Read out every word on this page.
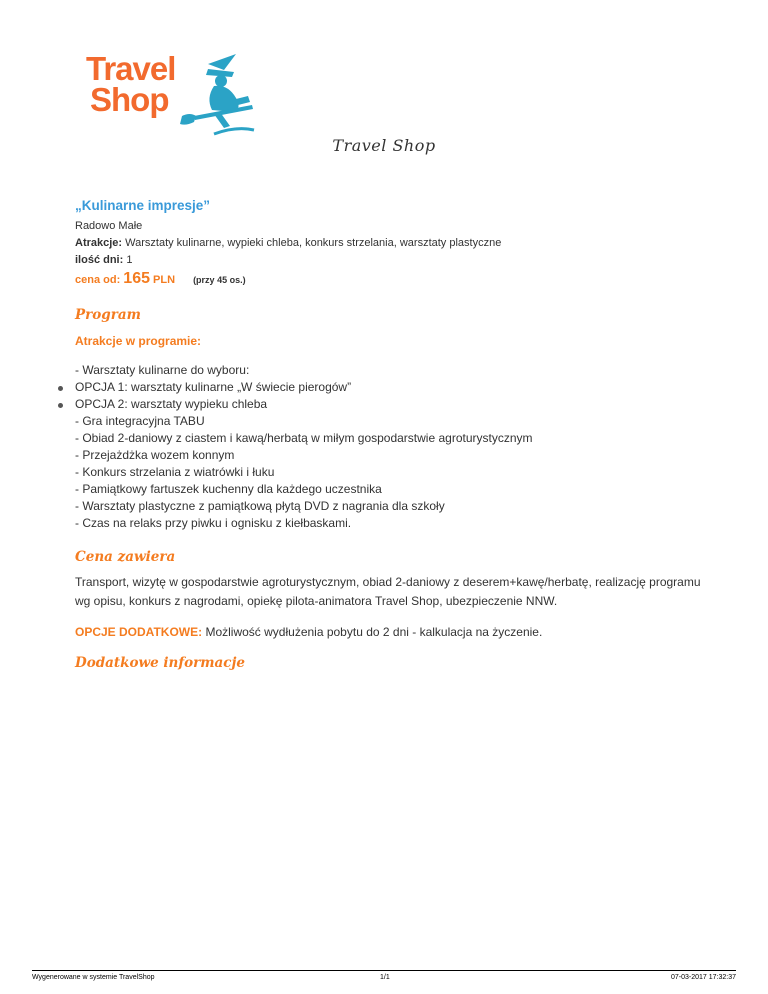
Travel
Shop
Travel Shop
„Kulinarne impresje”
Radowo Małe
Atrakcje: Warsztaty kulinarne, wypieki chleba, konkurs strzelania, warsztaty plastyczne
ilość dni: 1
cena od: 165 PLN (przy 45 os.)
Program
Atrakcje w programie:
- Warsztaty kulinarne do wyboru:
OPCJA 1: warsztaty kulinarne „W świecie pierogów”
OPCJA 2: warsztaty wypieku chleba
- Gra integracyjna TABU
- Obiad 2-daniowy z ciastem i kawą/herbatą w miłym gospodarstwie agroturystycznym
- Przejażdżka wozem konnym
- Konkurs strzelania z wiatrówki i łuku
- Pamiątkowy fartuszek kuchenny dla każdego uczestnika
- Warsztaty plastyczne z pamiątkową płytą DVD z nagrania dla szkoły
- Czas na relaks przy piwku i ognisku z kiełbaskami.
Cena zawiera
Transport, wizytę w gospodarstwie agroturystycznym, obiad 2-daniowy z deserem+kawę/herbatę, realizację programu wg opisu, konkurs z nagrodami, opiekę pilota-animatora Travel Shop, ubezpieczenie NNW.
OPCJE DODATKOWE: Możliwość wydłużenia pobytu do 2 dni - kalkulacja na życzenie.
Dodatkowe informacje
Wygenerowane w systemie TravelShop	1/1	07-03-2017 17:32:37
